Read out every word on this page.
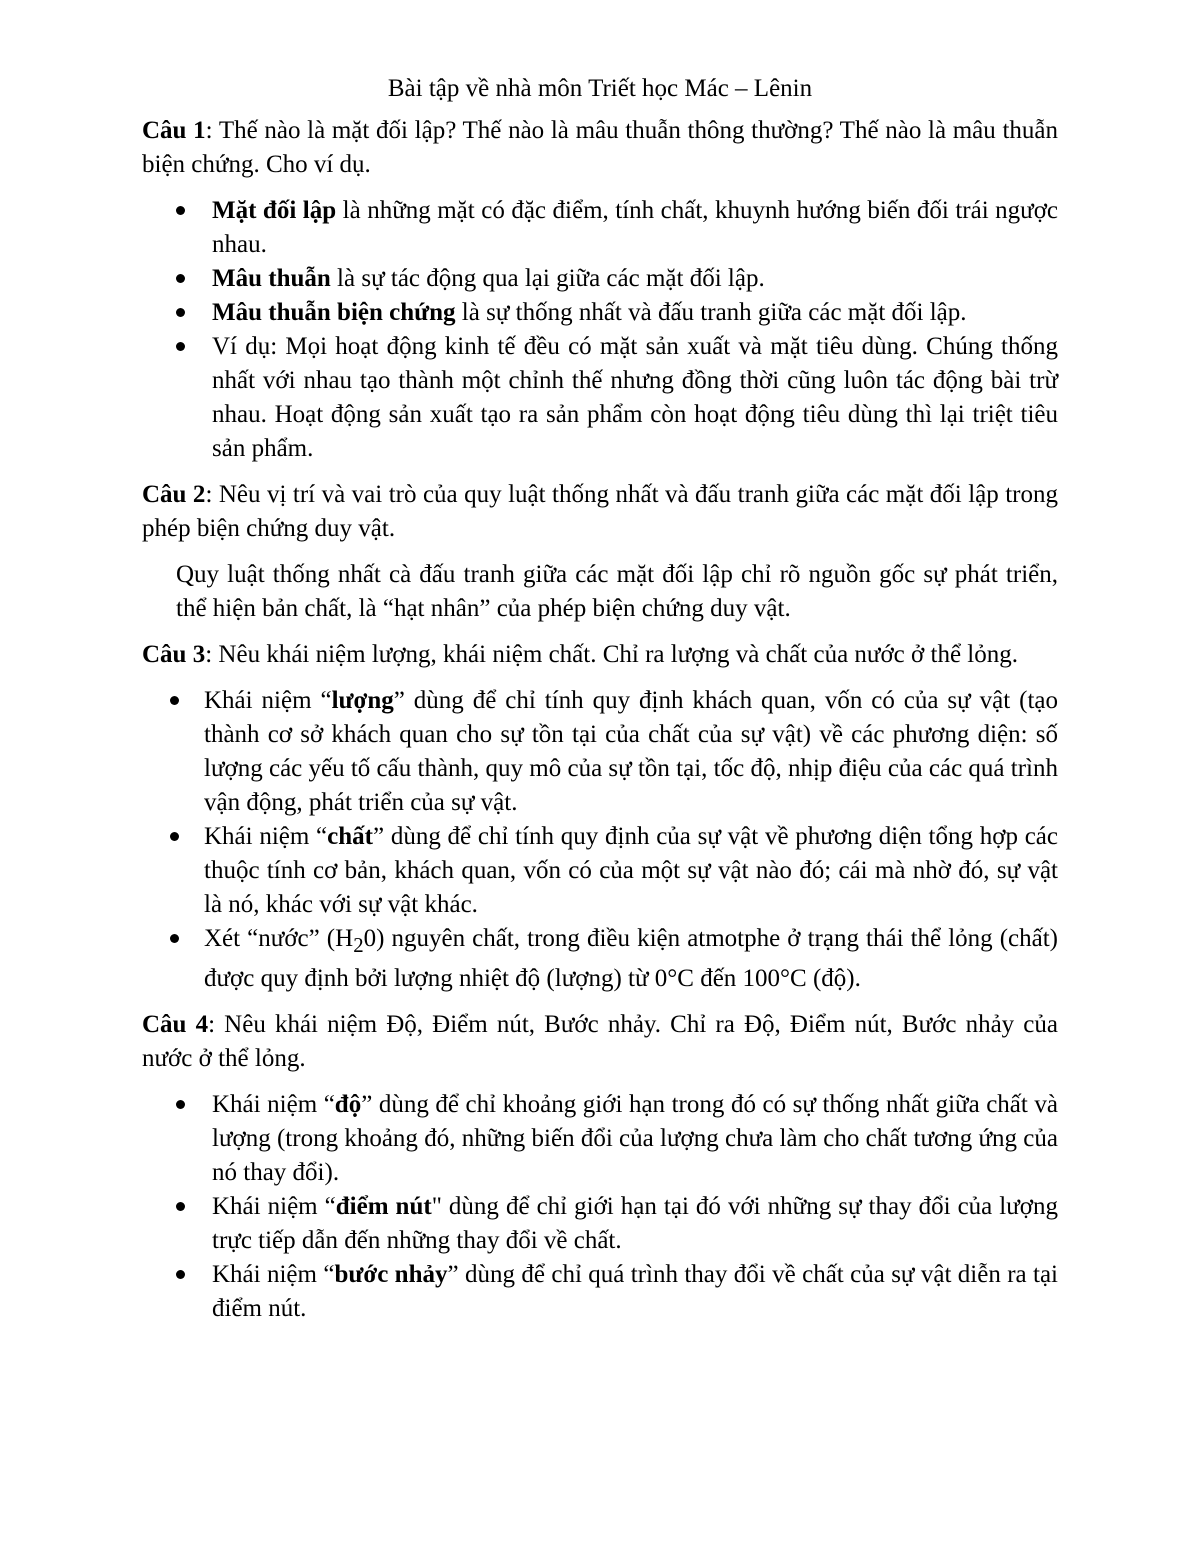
Bài tập về nhà môn Triết học Mác – Lênin

Câu 1: Thế nào là mặt đối lập? Thế nào là mâu thuẫn thông thường? Thế nào là mâu thuẫn biện chứng. Cho ví dụ.

Mặt đối lập là những mặt có đặc điểm, tính chất, khuynh hướng biến đối trái ngược nhau.
Mâu thuẫn là sự tác động qua lại giữa các mặt đối lập.
Mâu thuẫn biện chứng là sự thống nhất và đấu tranh giữa các mặt đối lập.
Ví dụ: Mọi hoạt động kinh tế đều có mặt sản xuất và mặt tiêu dùng. Chúng thống nhất với nhau tạo thành một chỉnh thế nhưng đồng thời cũng luôn tác động bài trừ nhau. Hoạt động sản xuất tạo ra sản phẩm còn hoạt động tiêu dùng thì lại triệt tiêu sản phẩm.

Câu 2: Nêu vị trí và vai trò của quy luật thống nhất và đấu tranh giữa các mặt đối lập trong phép biện chứng duy vật.

Quy luật thống nhất cà đấu tranh giữa các mặt đối lập chỉ rõ nguồn gốc sự phát triển, thể hiện bản chất, là “hạt nhân” của phép biện chứng duy vật.

Câu 3: Nêu khái niệm lượng, khái niệm chất. Chỉ ra lượng và chất của nước ở thể lỏng.

Khái niệm “lượng” dùng để chỉ tính quy định khách quan, vốn có của sự vật (tạo thành cơ sở khách quan cho sự tồn tại của chất của sự vật) về các phương diện: số lượng các yếu tố cấu thành, quy mô của sự tồn tại, tốc độ, nhịp điệu của các quá trình vận động, phát triển của sự vật.
Khái niệm “chất” dùng để chỉ tính quy định của sự vật về phương diện tổng hợp các thuộc tính cơ bản, khách quan, vốn có của một sự vật nào đó; cái mà nhờ đó, sự vật là nó, khác với sự vật khác.
Xét “nước” $(H_20)$ nguyên chất, trong điều kiện atmotphe ở trạng thái thể lỏng (chất) được quy định bởi lượng nhiệt độ (lượng) từ 0°C đến 100°C (độ).

Câu 4: Nêu khái niệm Độ, Điểm nút, Bước nhảy. Chỉ ra Độ, Điểm nút, Bước nhảy của nước ở thể lỏng.

Khái niệm “độ” dùng để chỉ khoảng giới hạn trong đó có sự thống nhất giữa chất và lượng (trong khoảng đó, những biến đổi của lượng chưa làm cho chất tương ứng của nó thay đổi).
Khái niệm “điểm nút" dùng để chỉ giới hạn tại đó với những sự thay đổi của lượng trực tiếp dẫn đến những thay đổi về chất.
Khái niệm “bước nhảy” dùng để chỉ quá trình thay đổi về chất của sự vật diễn ra tại điểm nút.
